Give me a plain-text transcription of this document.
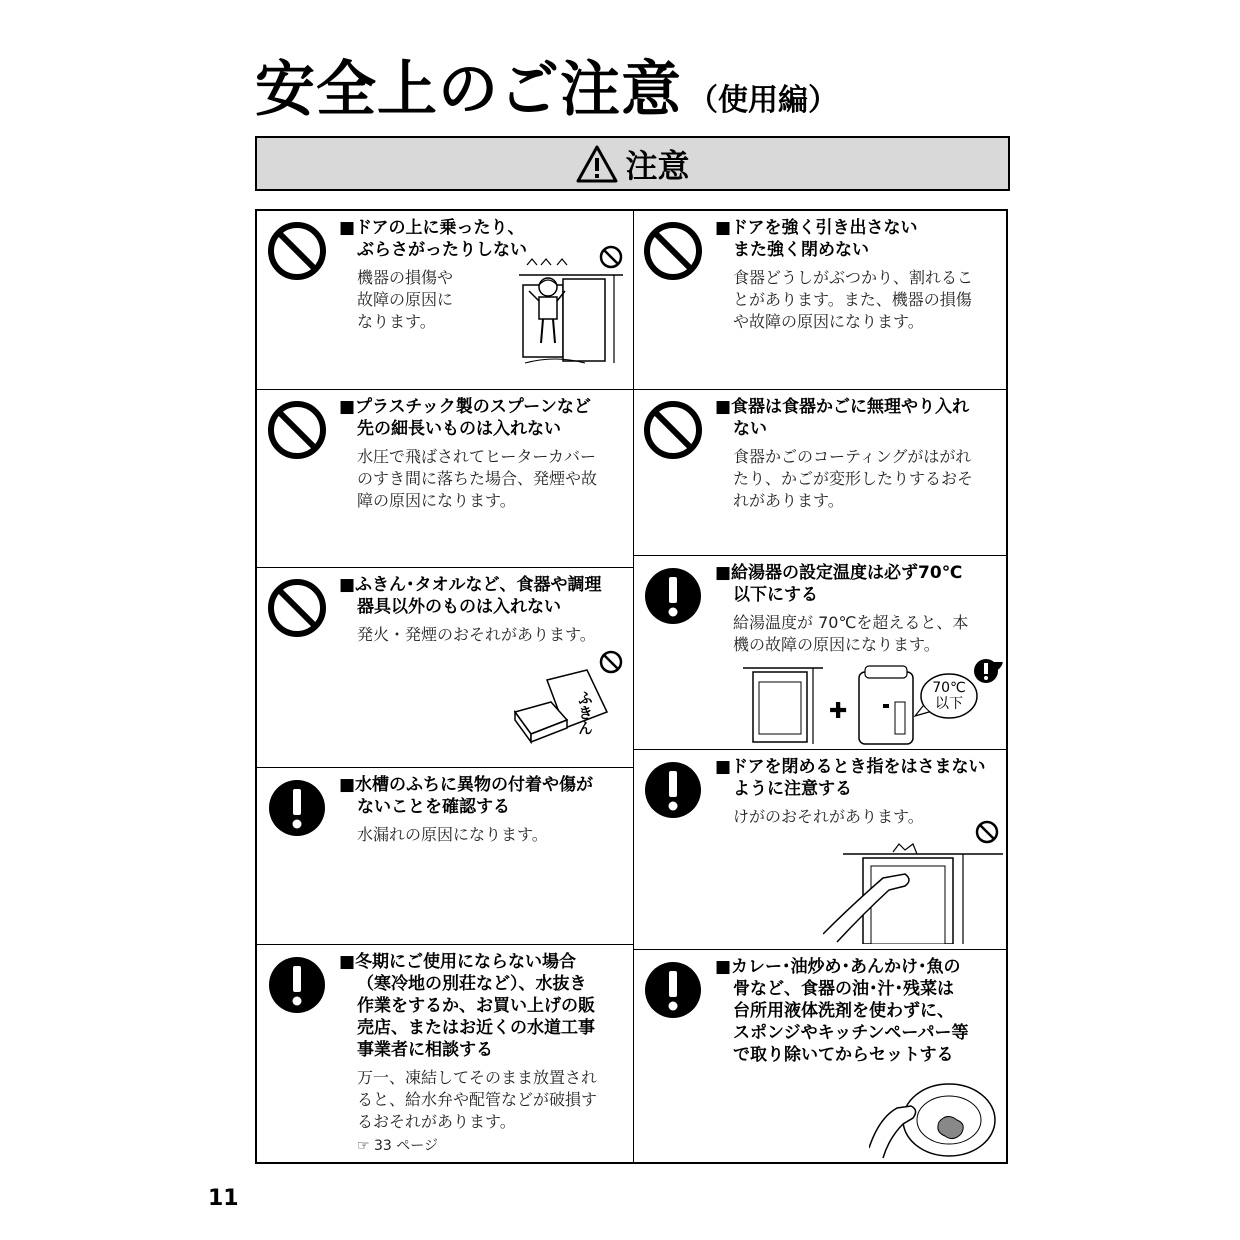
安全上のご注意 （使用編）
注意
■ドアの上に乗ったり、
ぶらさがったりしない
機器の損傷や
故障の原因に
なります。
■ドアを強く引き出さない
また強く閉めない
食器どうしがぶつかり、割れるこ
とがあります。また、機器の損傷
や故障の原因になります。
■プラスチック製のスプーンなど
先の細長いものは入れない
水圧で飛ばされてヒーターカバー
のすき間に落ちた場合、発煙や故
障の原因になります。
■食器は食器かごに無理やり入れ
ない
食器かごのコーティングがはがれ
たり、かごが変形したりするおそ
れがあります。
■ふきん･タオルなど、食器や調理
器具以外のものは入れない
発火・発煙のおそれがあります。
ふきん
■給湯器の設定温度は必ず70℃
以下にする
給湯温度が 70℃を超えると、本
機の故障の原因になります。
✚
70℃
以下
■水槽のふちに異物の付着や傷が
ないことを確認する
水漏れの原因になります。
■ドアを閉めるとき指をはさまない
ように注意する
けがのおそれがあります。
■冬期にご使用にならない場合
（寒冷地の別荘など）、水抜き
作業をするか、お買い上げの販
売店、またはお近くの水道工事
事業者に相談する
万一、凍結してそのまま放置され
ると、給水弁や配管などが破損す
るおそれがあります。
☞ 33 ページ
■カレー･油炒め･あんかけ･魚の
骨など、食器の油･汁･残菜は
台所用液体洗剤を使わずに、
スポンジやキッチンペーパー等
で取り除いてからセットする
11
